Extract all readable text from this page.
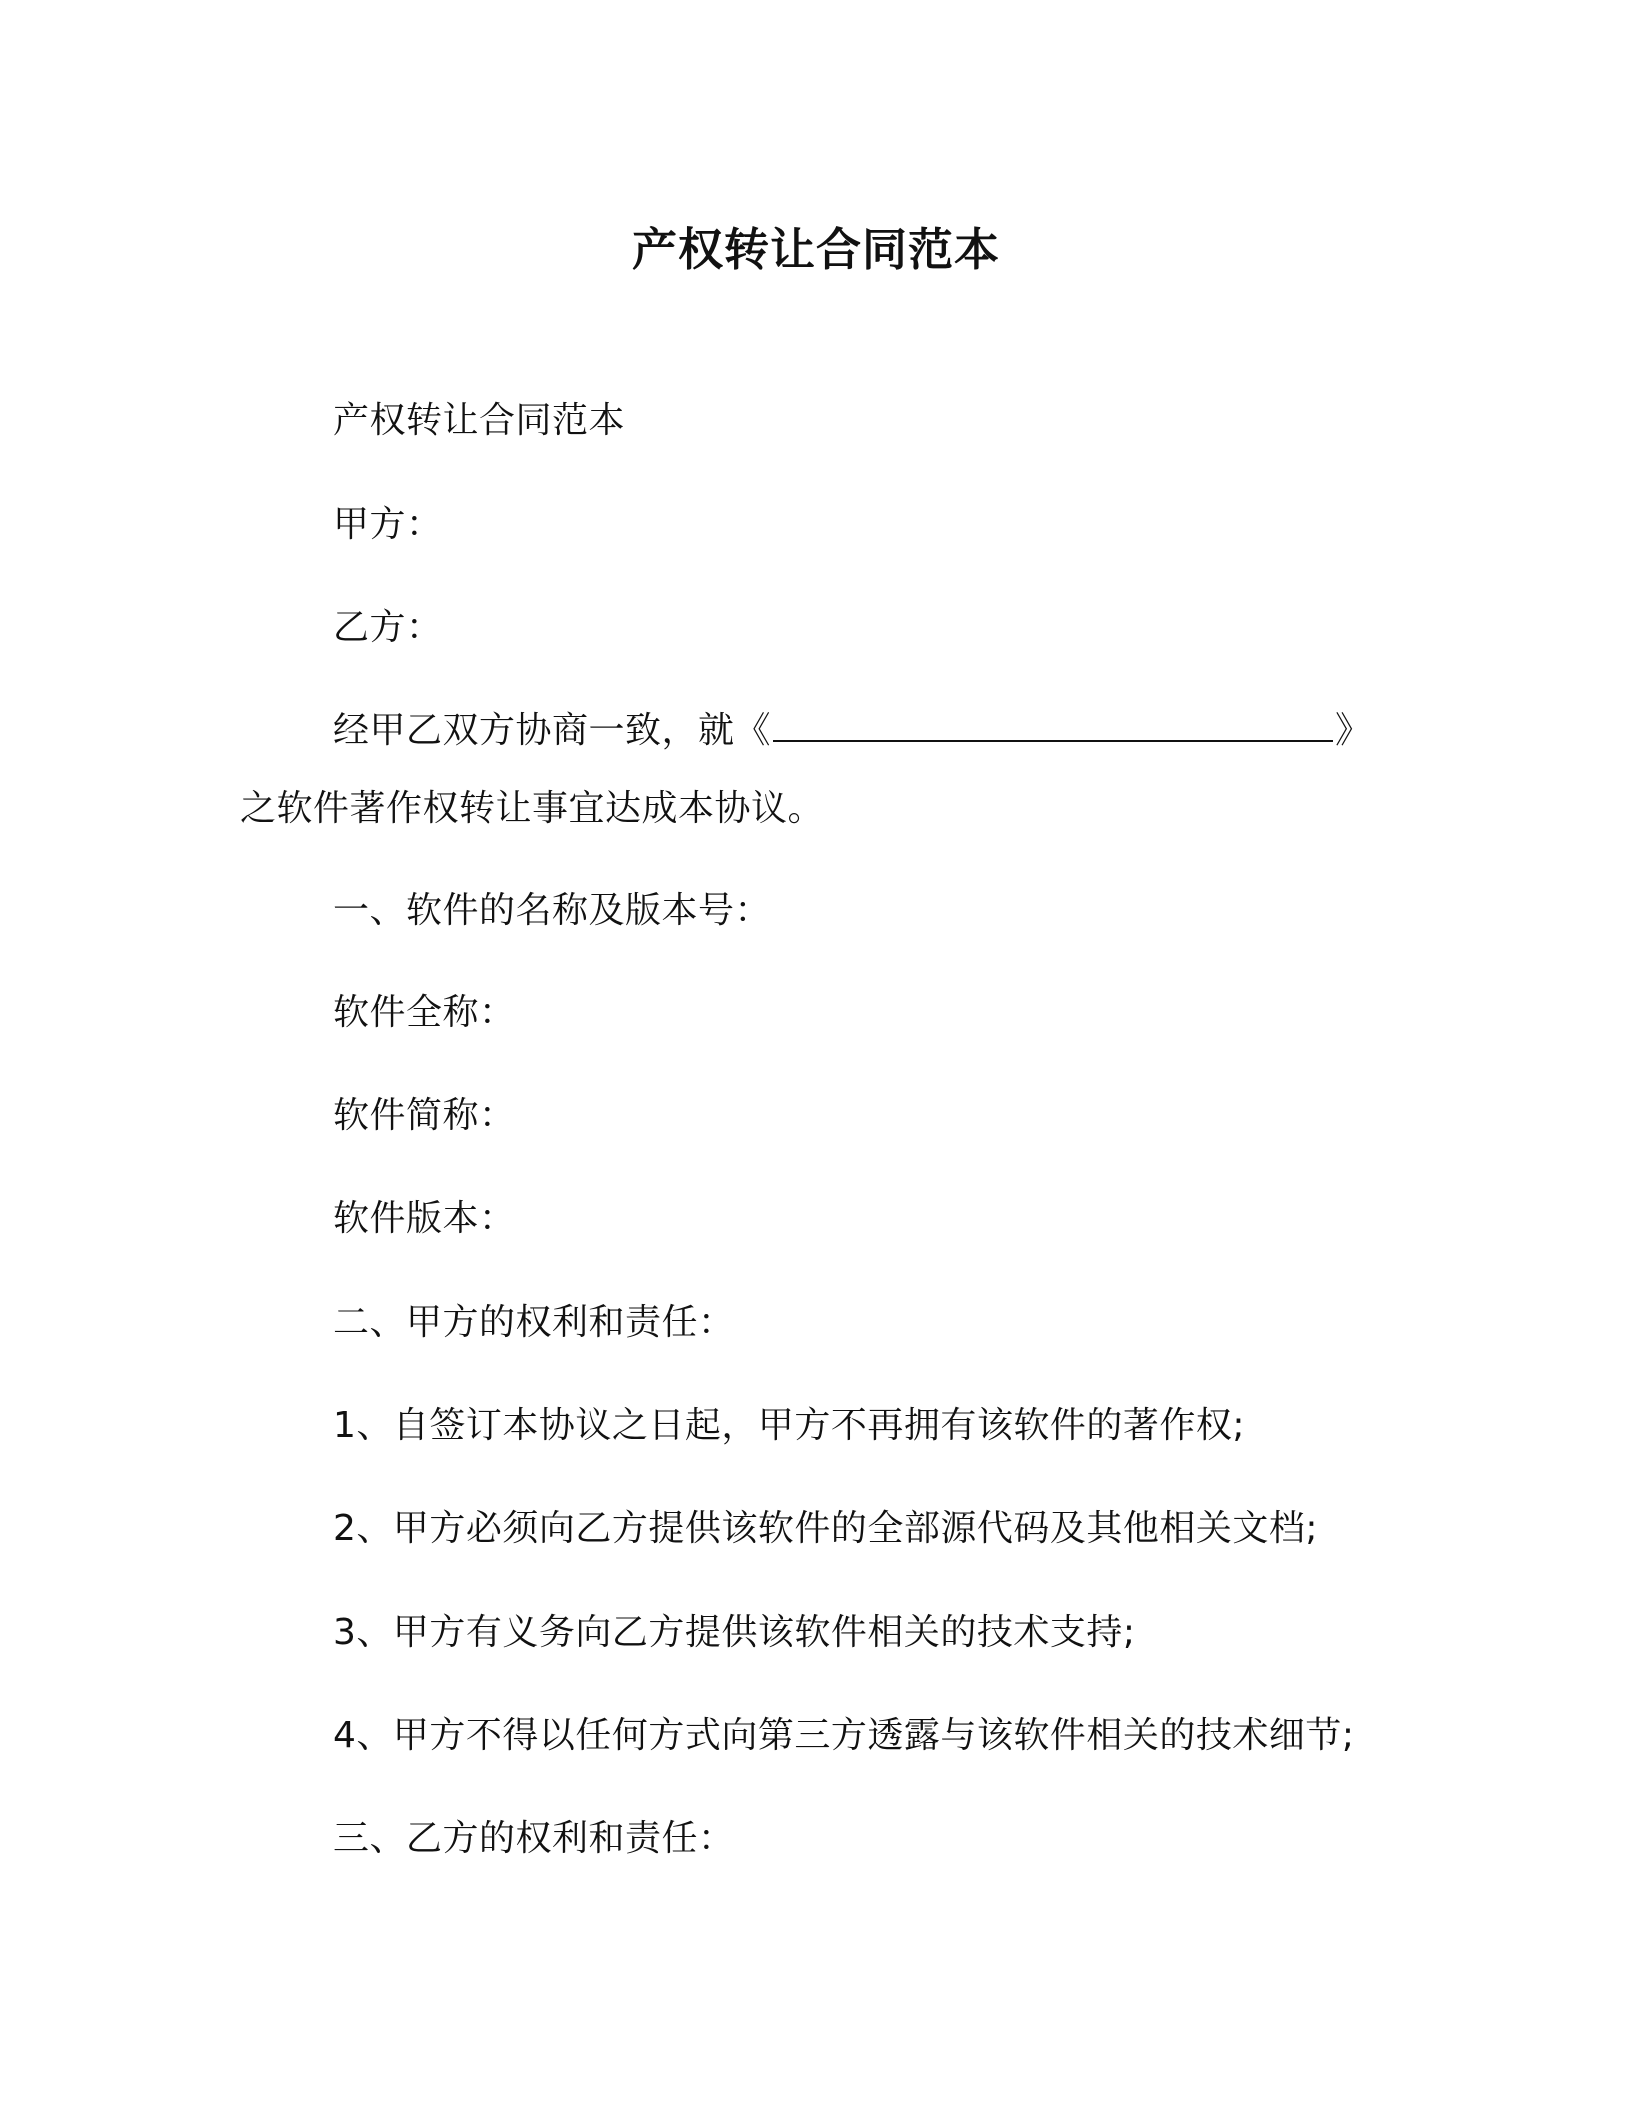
产权转让合同范本
产权转让合同范本
甲方：
乙方：
经甲乙双方协商一致，就《	》
之软件著作权转让事宜达成本协议。
一、软件的名称及版本号：
软件全称：
软件简称：
软件版本：
二、甲方的权利和责任：
1、自签订本协议之日起，甲方不再拥有该软件的著作权;
2、甲方必须向乙方提供该软件的全部源代码及其他相关文档;
3、甲方有义务向乙方提供该软件相关的技术支持;
4、甲方不得以任何方式向第三方透露与该软件相关的技术细节;
三、乙方的权利和责任：
